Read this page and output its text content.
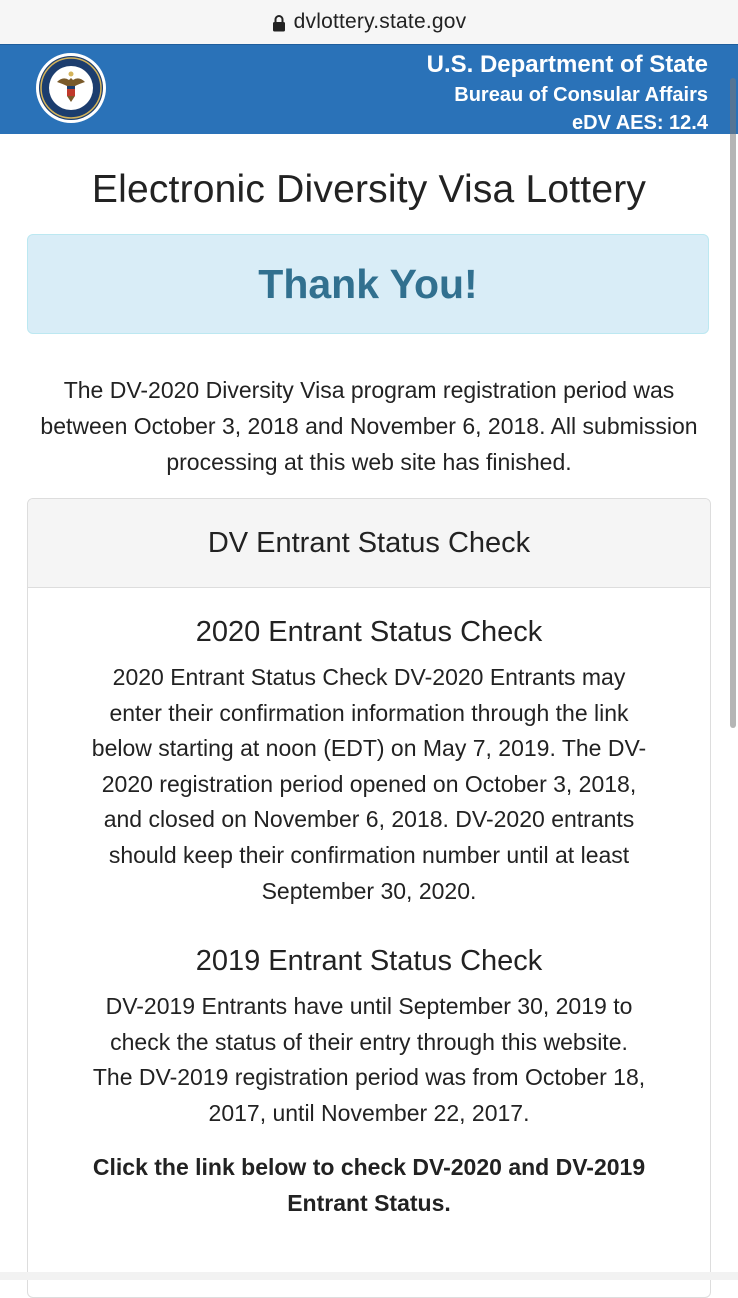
dvlottery.state.gov
U.S. Department of State
Bureau of Consular Affairs
eDV AES: 12.4
Electronic Diversity Visa Lottery
Thank You!

The DV-2020 Diversity Visa program registration period was between October 3, 2018 and November 6, 2018. All submission processing at this web site has finished.

DV Entrant Status Check
2020 Entrant Status Check

2020 Entrant Status Check DV-2020 Entrants may enter their confirmation information through the link below starting at noon (EDT) on May 7, 2019. The DV-2020 registration period opened on October 3, 2018, and closed on November 6, 2018. DV-2020 entrants should keep their confirmation number until at least September 30, 2020.

2019 Entrant Status Check

DV-2019 Entrants have until September 30, 2019 to check the status of their entry through this website. The DV-2019 registration period was from October 18, 2017, until November 22, 2017.

Click the link below to check DV-2020 and DV-2019 Entrant Status.
